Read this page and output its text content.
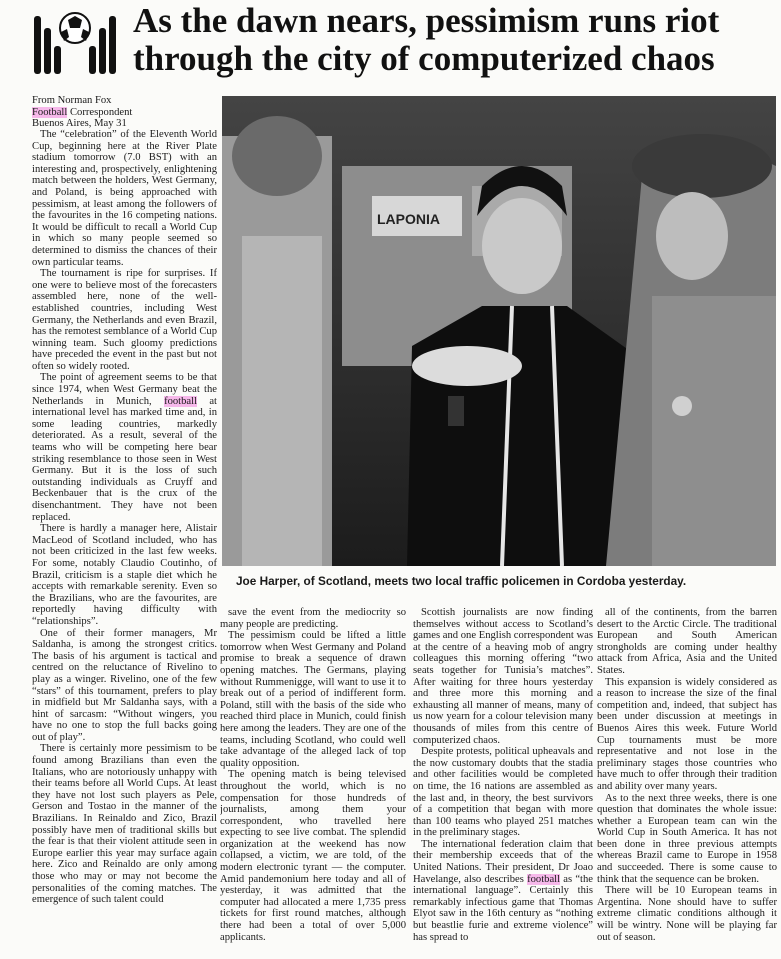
As the dawn nears, pessimism runs riot
through the city of computerized chaos
From Norman Fox
Football Correspondent
Buenos Aires, May 31

The “celebration” of the Eleventh World Cup, beginning here at the River Plate stadium tomorrow (7.0 BST) with an interesting and, prospectively, enlightening match between the holders, West Germany, and Poland, is being approached with pessimism, at least among the followers of the favourites in the 16 competing nations. It would be difficult to recall a World Cup in which so many people seemed so determined to dismiss the chances of their own particular teams.

The tournament is ripe for surprises. If one were to believe most of the forecasters assembled here, none of the well-established countries, including West Germany, the Netherlands and even Brazil, has the remotest semblance of a World Cup winning team. Such gloomy predictions have preceded the event in the past but not often so widely rooted.

The point of agreement seems to be that since 1974, when West Germany beat the Netherlands in Munich, football at international level has marked time and, in some leading countries, markedly deteriorated. As a result, several of the teams who will be competing here bear striking resemblance to those seen in West Germany. But it is the loss of such outstanding individuals as Cruyff and Beckenbauer that is the crux of the disenchantment. They have not been replaced.

There is hardly a manager here, Alistair MacLeod of Scotland included, who has not been criticized in the last few weeks. For some, notably Claudio Coutinho, of Brazil, criticism is a staple diet which he accepts with remarkable serenity. Even so the Brazilians, who are the favourites, are reportedly having difficulty with “relationships”.

One of their former managers, Mr Saldanha, is among the strongest critics. The basis of his argument is tactical and centred on the reluctance of Rivelino to play as a winger. Rivelino, one of the few “stars” of this tournament, prefers to play in midfield but Mr Saldanha says, with a hint of sarcasm: “Without wingers, you have no one to stop the full backs going out of play”.

There is certainly more pessimism to be found among Brazilians than even the Italians, who are notoriously unhappy with their teams before all World Cups. At least they have not lost such players as Pele, Gerson and Tostao in the manner of the Brazilians. In Reinaldo and Zico, Brazil possibly have men of traditional skills but the fear is that their violent attitude seen in Europe earlier this year may surface again here. Zico and Reinaldo are only among those who may or may not become the personalities of the coming matches. The emergence of such talent could

LAPONIA
Joe Harper, of Scotland, meets two local traffic policemen in Cordoba yesterday.

save the event from the mediocrity so many people are predicting.

The pessimism could be lifted a little tomorrow when West Germany and Poland promise to break a sequence of drawn opening matches. The Germans, playing without Rummenigge, will want to use it to break out of a period of indifferent form. Poland, still with the basis of the side who reached third place in Munich, could finish here among the leaders. They are one of the teams, including Scotland, who could well take advantage of the alleged lack of top quality opposition.

The opening match is being televised throughout the world, which is no compensation for those hundreds of journalists, among them your correspondent, who travelled here expecting to see live combat. The splendid organization at the weekend has now collapsed, a victim, we are told, of the modern electronic tyrant — the computer. Amid pandemonium here today and all of yesterday, it was admitted that the computer had allocated a mere 1,735 press tickets for first round matches, although there had been a total of over 5,000 applicants.

Scottish journalists are now finding themselves without access to Scotland’s games and one English correspondent was at the centre of a heaving mob of angry colleagues this morning offering “two seats together for Tunisia’s matches”. After waiting for three hours yesterday and three more this morning and exhausting all manner of means, many of us now yearn for a colour television many thousands of miles from this centre of computerized chaos.

Despite protests, political upheavals and the now customary doubts that the stadia and other facilities would be completed on time, the 16 nations are assembled as the last and, in theory, the best survivors of a competition that began with more than 100 teams who played 251 matches in the preliminary stages.

The international federation claim that their membership exceeds that of the United Nations. Their president, Dr Joao Havelange, also describes football as “the international language”. Certainly this remarkably infectious game that Thomas Elyot saw in the 16th century as “nothing but beastlie furie and extreme violence” has spread to

all of the continents, from the barren desert to the Arctic Circle. The traditional European and South American strongholds are coming under healthy attack from Africa, Asia and the United States.

This expansion is widely considered as a reason to increase the size of the final competition and, indeed, that subject has been under discussion at meetings in Buenos Aires this week. Future World Cup tournaments must be more representative and not lose in the preliminary stages those countries who have much to offer through their tradition and ability over many years.

As to the next three weeks, there is one question that dominates the whole issue: whether a European team can win the World Cup in South America. It has not been done in three previous attempts whereas Brazil came to Europe in 1958 and succeeded. There is some cause to think that the sequence can be broken.

There will be 10 European teams in Argentina. None should have to suffer extreme climatic conditions although it will be wintry. None will be playing far out of season.
